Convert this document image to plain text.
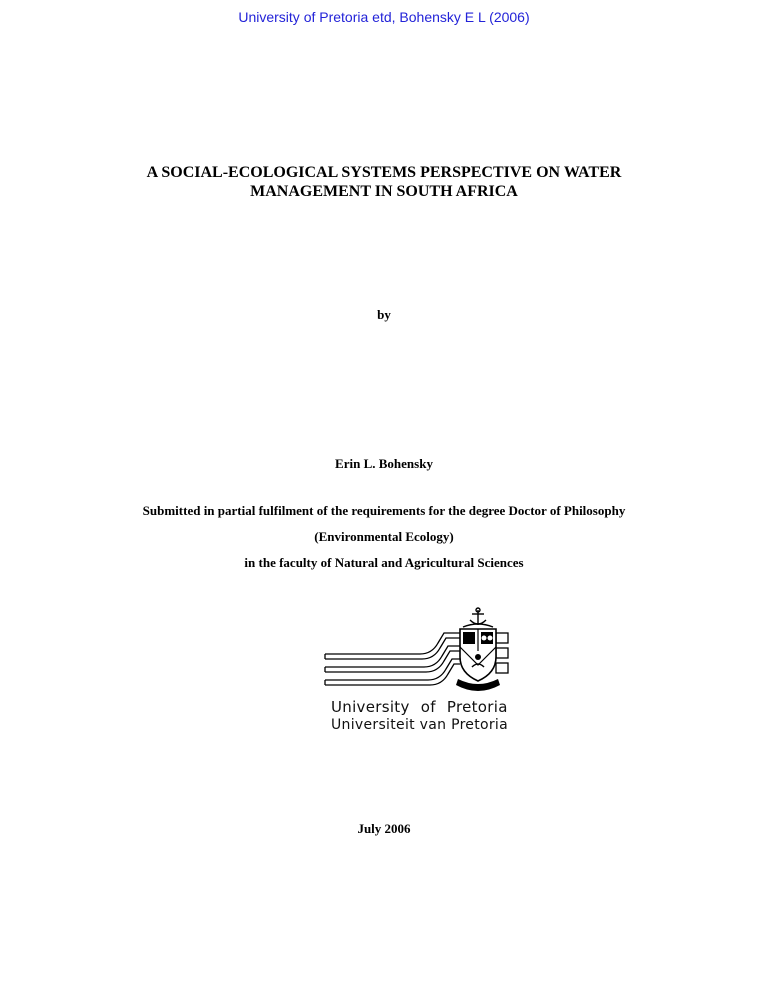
University of Pretoria etd, Bohensky E L (2006)
A SOCIAL-ECOLOGICAL SYSTEMS PERSPECTIVE ON WATER
MANAGEMENT IN SOUTH AFRICA
by
Erin L. Bohensky
Submitted in partial fulfilment of the requirements for the degree Doctor of Philosophy
(Environmental Ecology)
in the faculty of Natural and Agricultural Sciences
University of Pretoria
Universiteit van Pretoria
July 2006
